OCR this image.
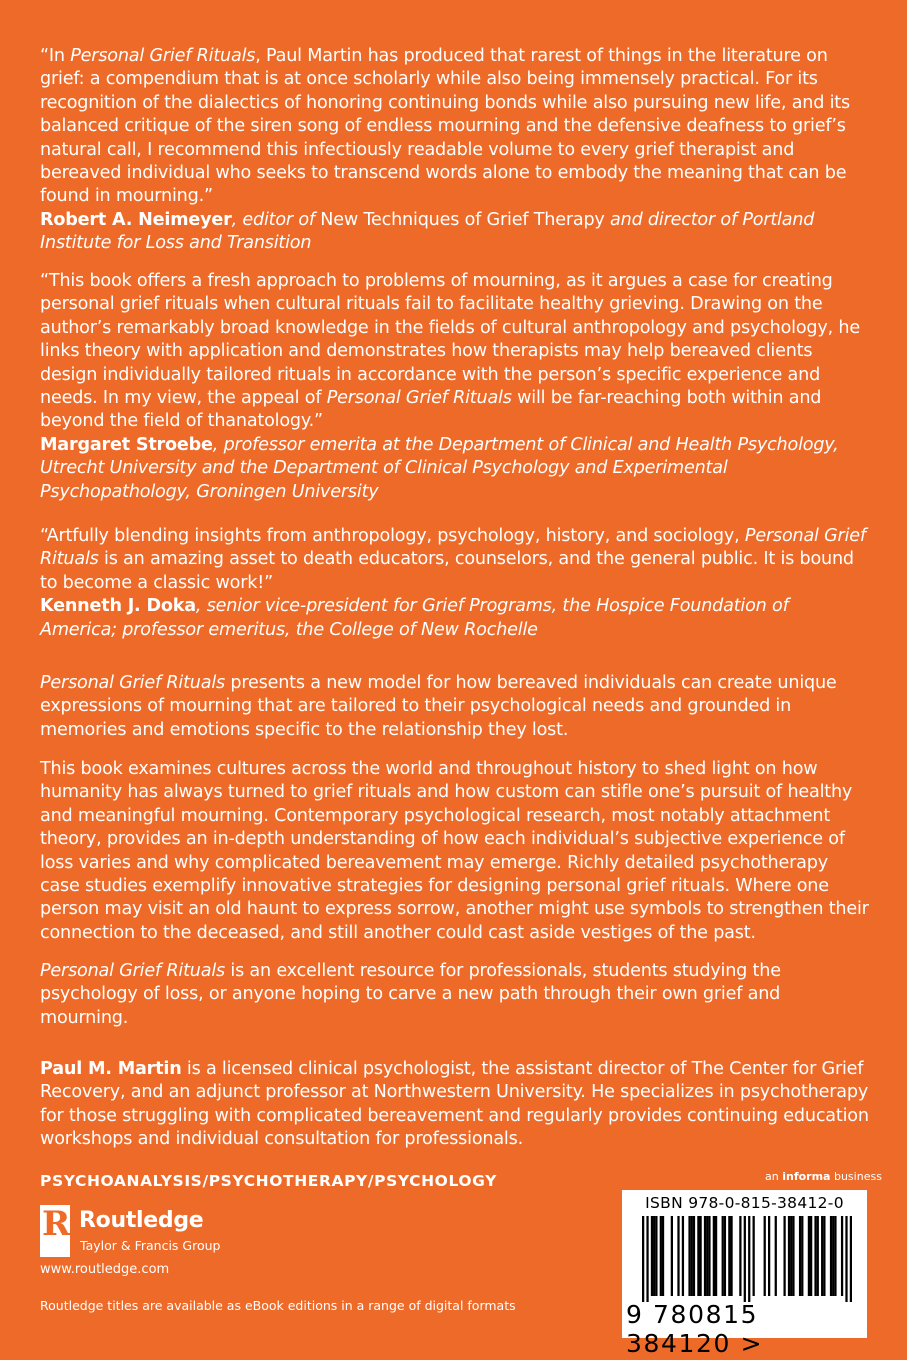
“In Personal Grief Rituals, Paul Martin has produced that rarest of things in the literature on grief: a compendium that is at once scholarly while also being immensely practical. For its recognition of the dialectics of honoring continuing bonds while also pursuing new life, and its balanced critique of the siren song of endless mourning and the defensive deafness to grief’s natural call, I recommend this infectiously readable volume to every grief therapist and bereaved individual who seeks to transcend words alone to embody the meaning that can be found in mourning.”

Robert A. Neimeyer, editor of New Techniques of Grief Therapy and director of Portland Institute for Loss and Transition

“This book offers a fresh approach to problems of mourning, as it argues a case for creating personal grief rituals when cultural rituals fail to facilitate healthy grieving. Drawing on the author’s remarkably broad knowledge in the fields of cultural anthropology and psychology, he links theory with application and demonstrates how therapists may help bereaved clients design individually tailored rituals in accordance with the person’s specific experience and needs. In my view, the appeal of Personal Grief Rituals will be far-reaching both within and beyond the field of thanatology.”

Margaret Stroebe, professor emerita at the Department of Clinical and Health Psychology, Utrecht University and the Department of Clinical Psychology and Experimental Psychopathology, Groningen University

“Artfully blending insights from anthropology, psychology, history, and sociology, Personal Grief Rituals is an amazing asset to death educators, counselors, and the general public. It is bound to become a classic work!”

Kenneth J. Doka, senior vice-president for Grief Programs, the Hospice Foundation of America; professor emeritus, the College of New Rochelle

Personal Grief Rituals presents a new model for how bereaved individuals can create unique expressions of mourning that are tailored to their psychological needs and grounded in memories and emotions specific to the relationship they lost.

This book examines cultures across the world and throughout history to shed light on how humanity has always turned to grief rituals and how custom can stifle one’s pursuit of healthy and meaningful mourning. Contemporary psychological research, most notably attachment theory, provides an in-depth understanding of how each individual’s subjective experience of loss varies and why complicated bereavement may emerge. Richly detailed psychotherapy case studies exemplify innovative strategies for designing personal grief rituals. Where one person may visit an old haunt to express sorrow, another might use symbols to strengthen their connection to the deceased, and still another could cast aside vestiges of the past.

Personal Grief Rituals is an excellent resource for professionals, students studying the psychology of loss, or anyone hoping to carve a new path through their own grief and mourning.

Paul M. Martin is a licensed clinical psychologist, the assistant director of The Center for Grief Recovery, and an adjunct professor at Northwestern University. He specializes in psychotherapy for those struggling with complicated bereavement and regularly provides continuing education workshops and individual consultation for professionals.

PSYCHOANALYSIS/PSYCHOTHERAPY/PSYCHOLOGY	an informa business
R
ROUTLEDGE Routledge
Taylor & Francis Group
www.routledge.com
Routledge titles are available as eBook editions in a range of digital formats
ISBN 978-0-815-38412-0
9 780815 384120 >
